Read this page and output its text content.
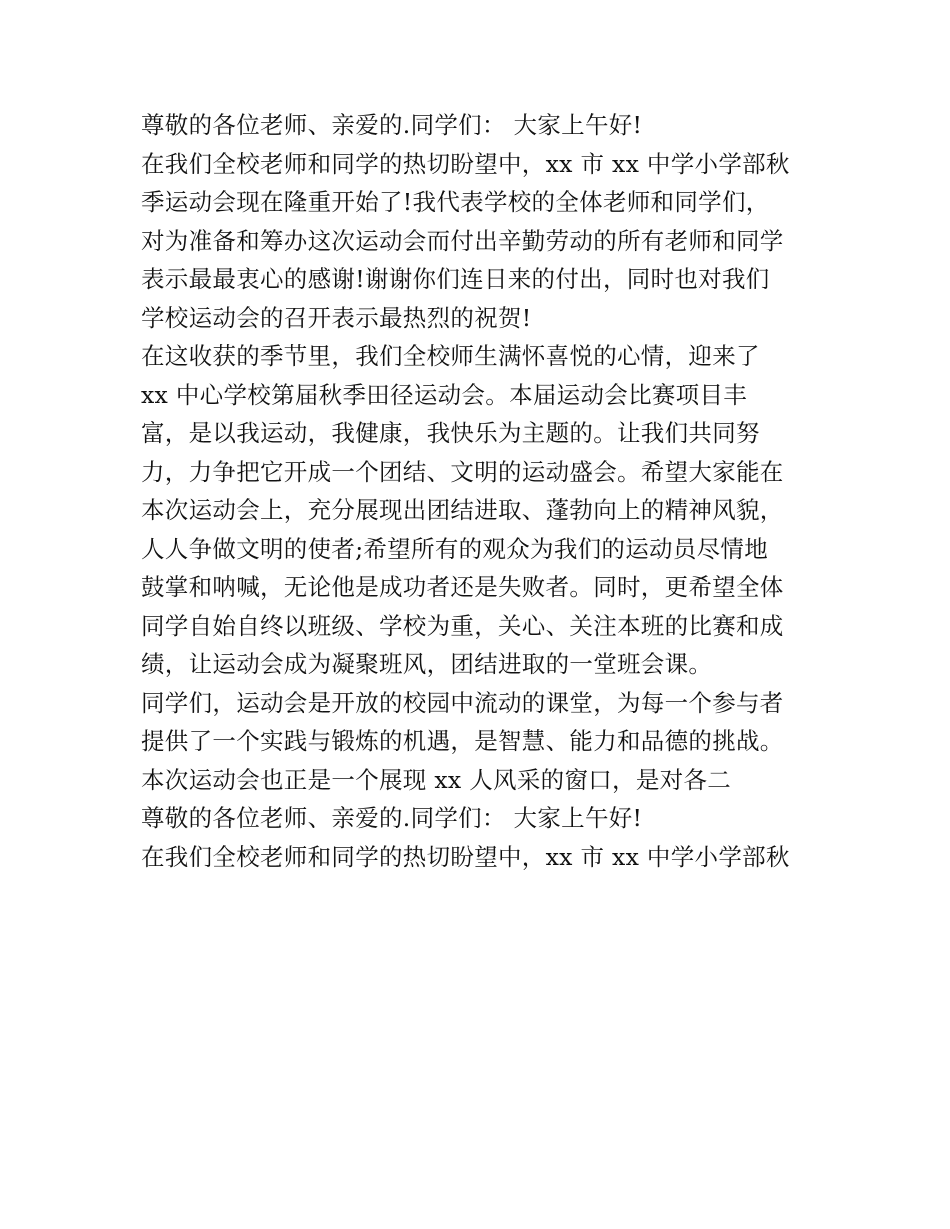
尊敬的各位老师、亲爱的.同学们： 大家上午好!
在我们全校老师和同学的热切盼望中，xx 市 xx 中学小学部秋
季运动会现在隆重开始了!我代表学校的全体老师和同学们，
对为准备和筹办这次运动会而付出辛勤劳动的所有老师和同学
表示最最衷心的感谢!谢谢你们连日来的付出，同时也对我们
学校运动会的召开表示最热烈的祝贺!
在这收获的季节里，我们全校师生满怀喜悦的心情，迎来了
xx 中心学校第届秋季田径运动会。本届运动会比赛项目丰
富，是以我运动，我健康，我快乐为主题的。让我们共同努
力，力争把它开成一个团结、文明的运动盛会。希望大家能在
本次运动会上，充分展现出团结进取、蓬勃向上的精神风貌，
人人争做文明的使者;希望所有的观众为我们的运动员尽情地
鼓掌和呐喊，无论他是成功者还是失败者。同时，更希望全体
同学自始自终以班级、学校为重，关心、关注本班的比赛和成
绩，让运动会成为凝聚班风，团结进取的一堂班会课。
同学们，运动会是开放的校园中流动的课堂，为每一个参与者
提供了一个实践与锻炼的机遇，是智慧、能力和品德的挑战。
本次运动会也正是一个展现 xx 人风采的窗口，是对各二
尊敬的各位老师、亲爱的.同学们： 大家上午好!
在我们全校老师和同学的热切盼望中，xx 市 xx 中学小学部秋
